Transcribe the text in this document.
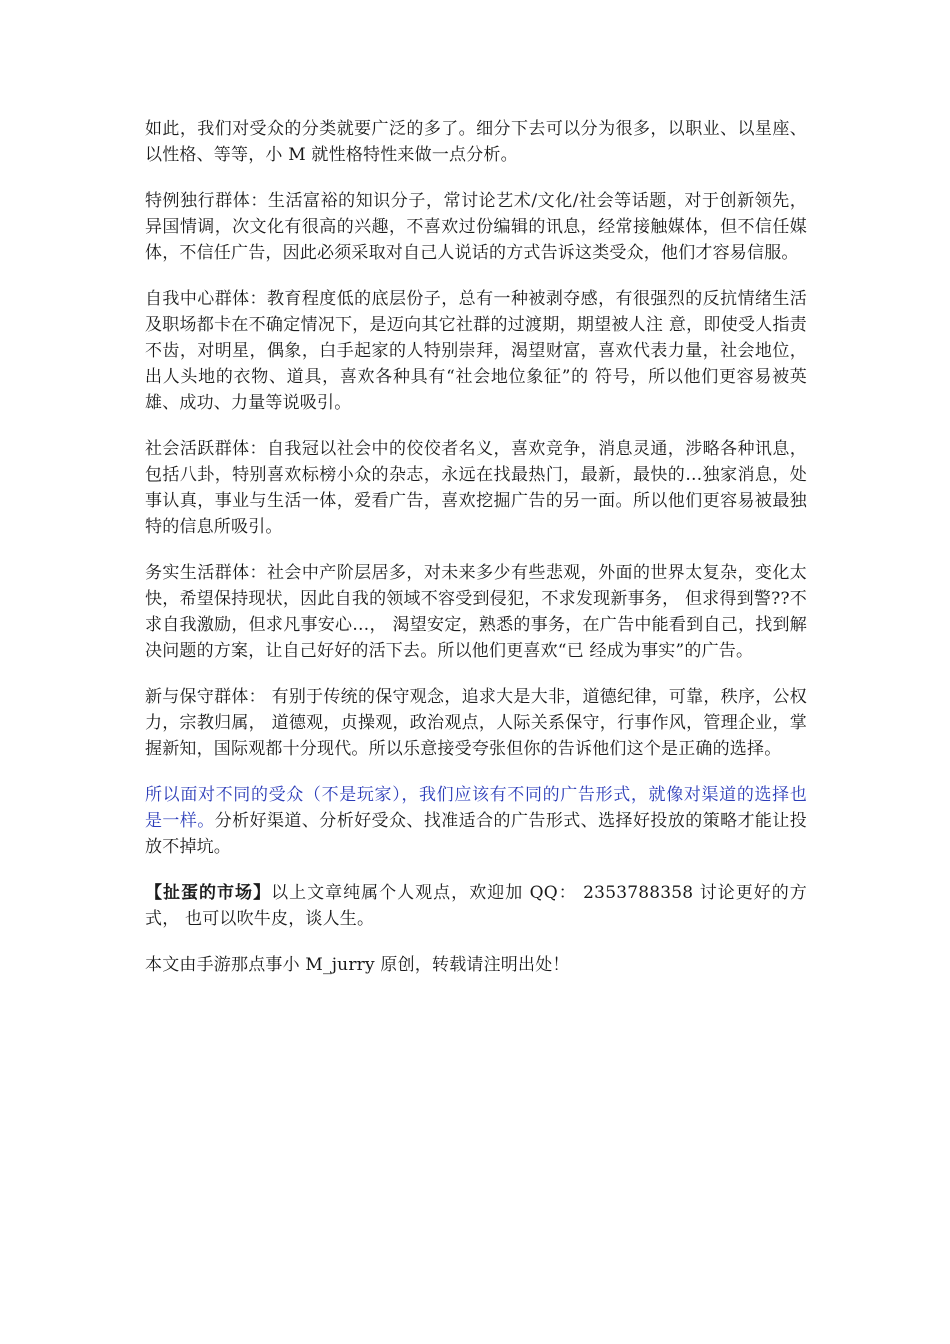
如此，我们对受众的分类就要广泛的多了。细分下去可以分为很多，以职业、以星座、以性格、等等，小 M 就性格特性来做一点分析。

特例独行群体：生活富裕的知识分子，常讨论艺术/文化/社会等话题，对于创新领先，异国情调，次文化有很高的兴趣，不喜欢过份编辑的讯息，经常接触媒体，但不信任媒体，不信任广告，因此必须采取对自己人说话的方式告诉这类受众，他们才容易信服。

自我中心群体：教育程度低的底层份子，总有一种被剥夺感，有很强烈的反抗情绪生活及职场都卡在不确定情况下，是迈向其它社群的过渡期，期望被人注 意，即使受人指责不齿，对明星，偶象，白手起家的人特别崇拜，渴望财富，喜欢代表力量，社会地位，出人头地的衣物、道具，喜欢各种具有“社会地位象征”的 符号，所以他们更容易被英雄、成功、力量等说吸引。

社会活跃群体：自我冠以社会中的佼佼者名义，喜欢竞争，消息灵通，涉略各种讯息，包括八卦，特别喜欢标榜小众的杂志，永远在找最热门，最新，最快的…独家消息，处事认真，事业与生活一体，爱看广告，喜欢挖掘广告的另一面。所以他们更容易被最独特的信息所吸引。

务实生活群体：社会中产阶层居多，对未来多少有些悲观，外面的世界太复杂，变化太快，希望保持现状，因此自我的领域不容受到侵犯，不求发现新事务， 但求得到警??不求自我激励，但求凡事安心…， 渴望安定，熟悉的事务，在广告中能看到自己，找到解决问题的方案，让自己好好的活下去。所以他们更喜欢“已 经成为事实”的广告。

新与保守群体： 有别于传统的保守观念，追求大是大非，道德纪律，可靠，秩序，公权力，宗教归属， 道德观，贞操观，政治观点，人际关系保守，行事作风，管理企业，掌握新知，国际观都十分现代。所以乐意接受夸张但你的告诉他们这个是正确的选择。

所以面对不同的受众（不是玩家），我们应该有不同的广告形式，就像对渠道的选择也是一样。分析好渠道、分析好受众、找准适合的广告形式、选择好投放的策略才能让投放不掉坑。

【扯蛋的市场】以上文章纯属个人观点，欢迎加 QQ： 2353788358 讨论更好的方式， 也可以吹牛皮，谈人生。

本文由手游那点事小 M_jurry 原创，转载请注明出处！
